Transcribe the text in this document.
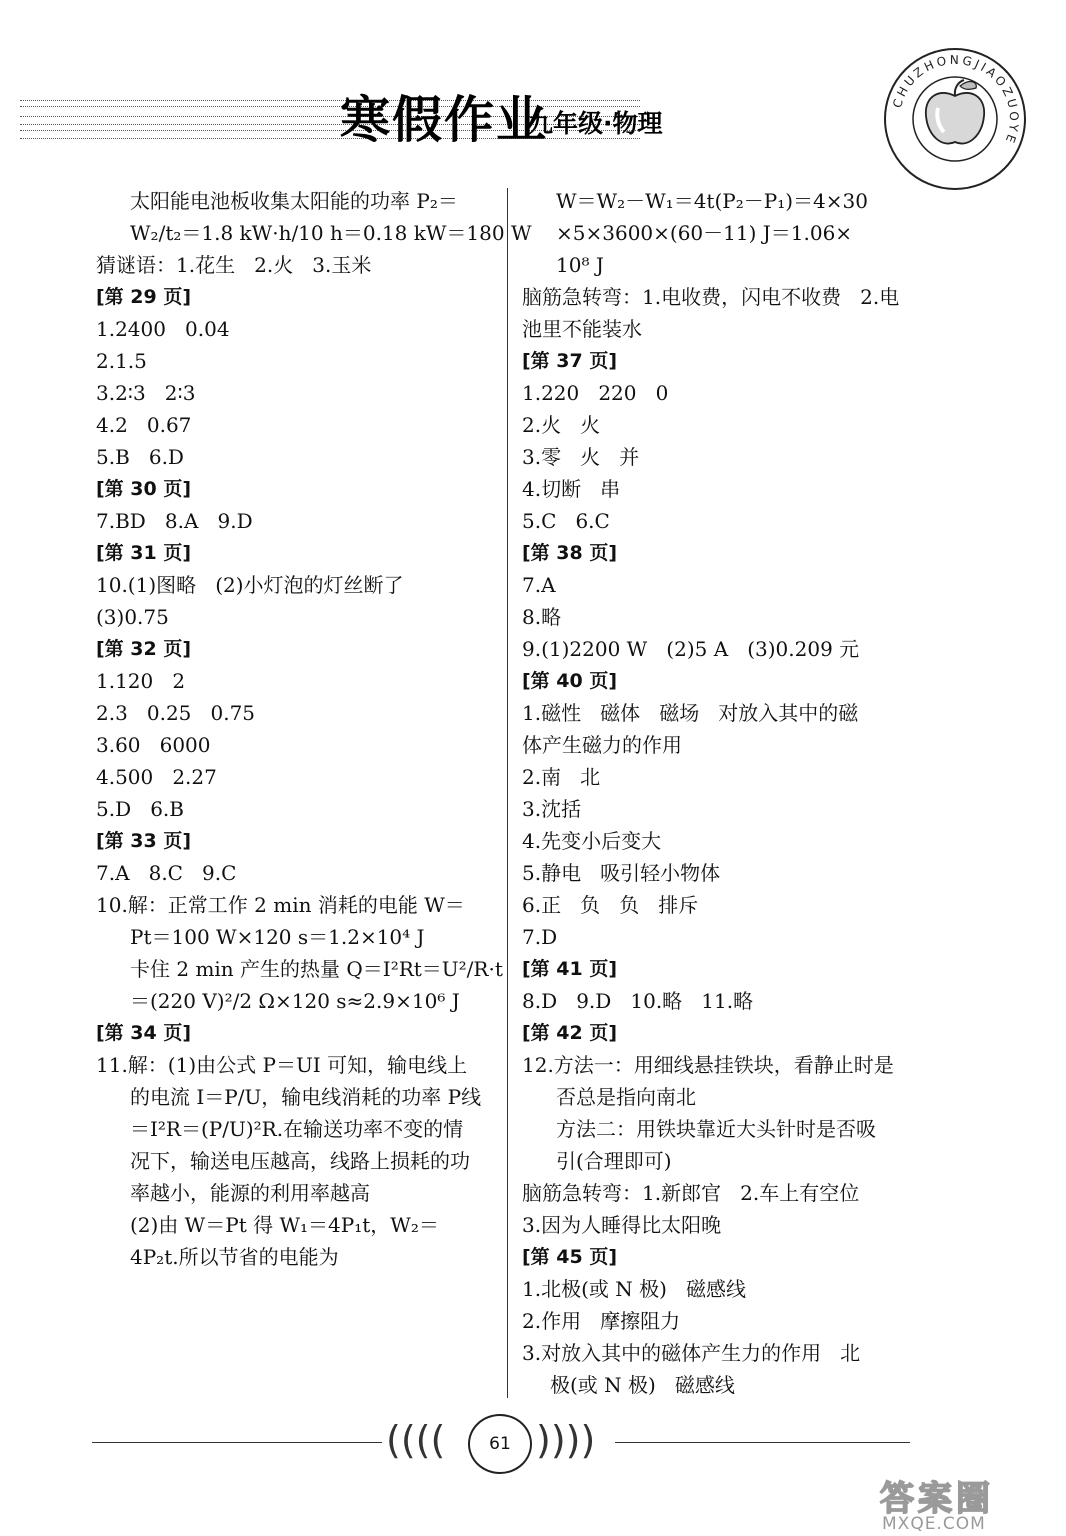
寒假作业
九年级·物理
CHUZHONGJIAOZUOYE
太阳能电池板收集太阳能的功率 P₂＝
W₂/t₂＝1.8 kW·h/10 h＝0.18 kW＝180 W
猜谜语：1.花生   2.火   3.玉米
[第 29 页]
1.2400   0.04
2.1.5
3.2∶3   2∶3
4.2   0.67
5.B   6.D
[第 30 页]
7.BD   8.A   9.D
[第 31 页]
10.(1)图略   (2)小灯泡的灯丝断了
(3)0.75
[第 32 页]
1.120   2
2.3   0.25   0.75
3.60   6000
4.500   2.27
5.D   6.B
[第 33 页]
7.A   8.C   9.C
10.解：正常工作 2 min 消耗的电能 W＝
Pt＝100 W×120 s＝1.2×10⁴ J
卡住 2 min 产生的热量 Q＝I²Rt＝U²/R·t
＝(220 V)²/2 Ω×120 s≈2.9×10⁶ J
[第 34 页]
11.解：(1)由公式 P＝UI 可知，输电线上
的电流 I＝P/U，输电线消耗的功率 P线
＝I²R＝(P/U)²R.在输送功率不变的情
况下，输送电压越高，线路上损耗的功
率越小，能源的利用率越高
(2)由 W＝Pt 得 W₁＝4P₁t，W₂＝
4P₂t.所以节省的电能为
W＝W₂－W₁＝4t(P₂－P₁)＝4×30
×5×3600×(60－11) J＝1.06×
10⁸ J
脑筋急转弯：1.电收费，闪电不收费   2.电
池里不能装水
[第 37 页]
1.220   220   0
2.火   火
3.零   火   并
4.切断   串
5.C   6.C
[第 38 页]
7.A
8.略
9.(1)2200 W   (2)5 A   (3)0.209 元
[第 40 页]
1.磁性   磁体   磁场   对放入其中的磁
体产生磁力的作用
2.南   北
3.沈括
4.先变小后变大
5.静电   吸引轻小物体
6.正   负   负   排斥
7.D
[第 41 页]
8.D   9.D   10.略   11.略
[第 42 页]
12.方法一：用细线悬挂铁块，看静止时是
否总是指向南北
方法二：用铁块靠近大头针时是否吸
引(合理即可)
脑筋急转弯：1.新郎官   2.车上有空位
3.因为人睡得比太阳晚
[第 45 页]
1.北极(或 N 极)   磁感线
2.作用   摩擦阻力
3.对放入其中的磁体产生力的作用   北
极(或 N 极)   磁感线
((((	61 ))))
答案圈
MXQE.COM
